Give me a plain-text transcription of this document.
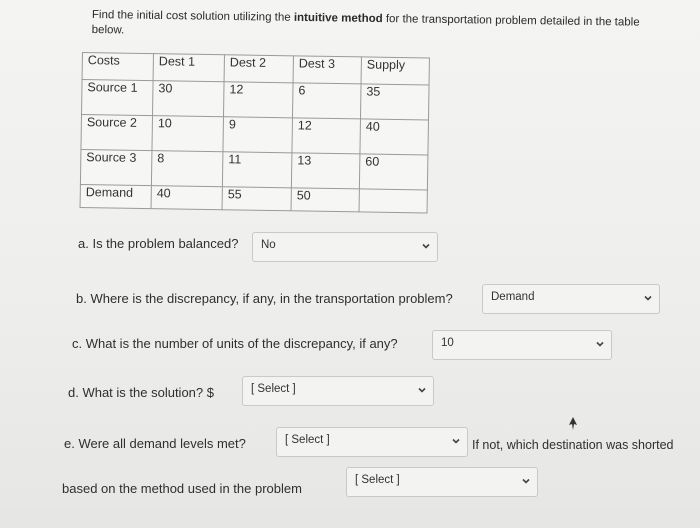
Find the initial cost solution utilizing the intuitive method for the transportation problem detailed in the table below.
Costs	Dest 1	Dest 2	Dest 3	Supply
Source 1	30	12	6	35
Source 2	10	9	12	40
Source 3	8	11	13	60
Demand	40	55	50	
a. Is the problem balanced?	No
b. Where is the discrepancy, if any, in the transportation problem?	Demand
c. What is the number of units of the discrepancy, if any?	10
d. What is the solution? $	[ Select ]
e. Were all demand levels met?	[ Select ]	If not, which destination was shorted
based on the method used in the problem
[ Select ]
